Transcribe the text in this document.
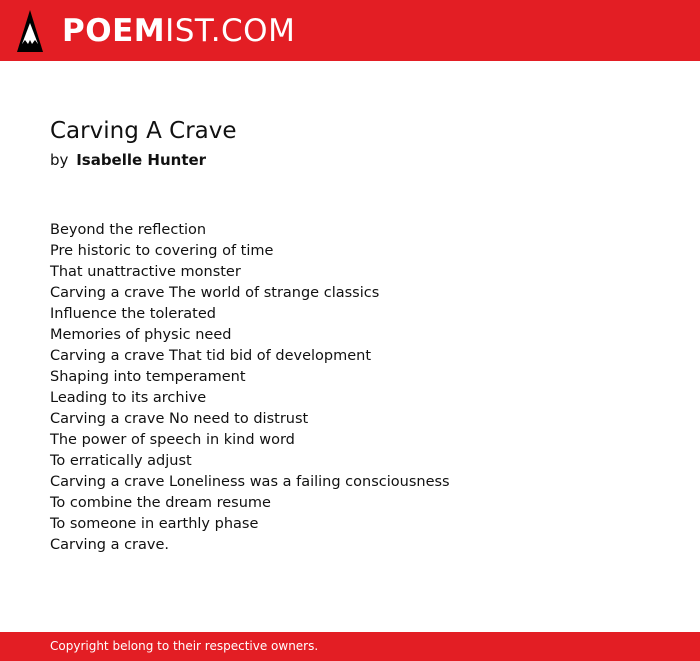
POEMIST.COM
Carving A Crave
by Isabelle Hunter
Beyond the reflection
Pre historic to covering of time
That unattractive monster
Carving a crave The world of strange classics
Influence the tolerated
Memories of physic need
Carving a crave That tid bid of development
Shaping into temperament
Leading to its archive
Carving a crave No need to distrust
The power of speech in kind word
To erratically adjust
Carving a crave Loneliness was a failing consciousness
To combine the dream resume
To someone in earthly phase
Carving a crave.
Copyright belong to their respective owners.
